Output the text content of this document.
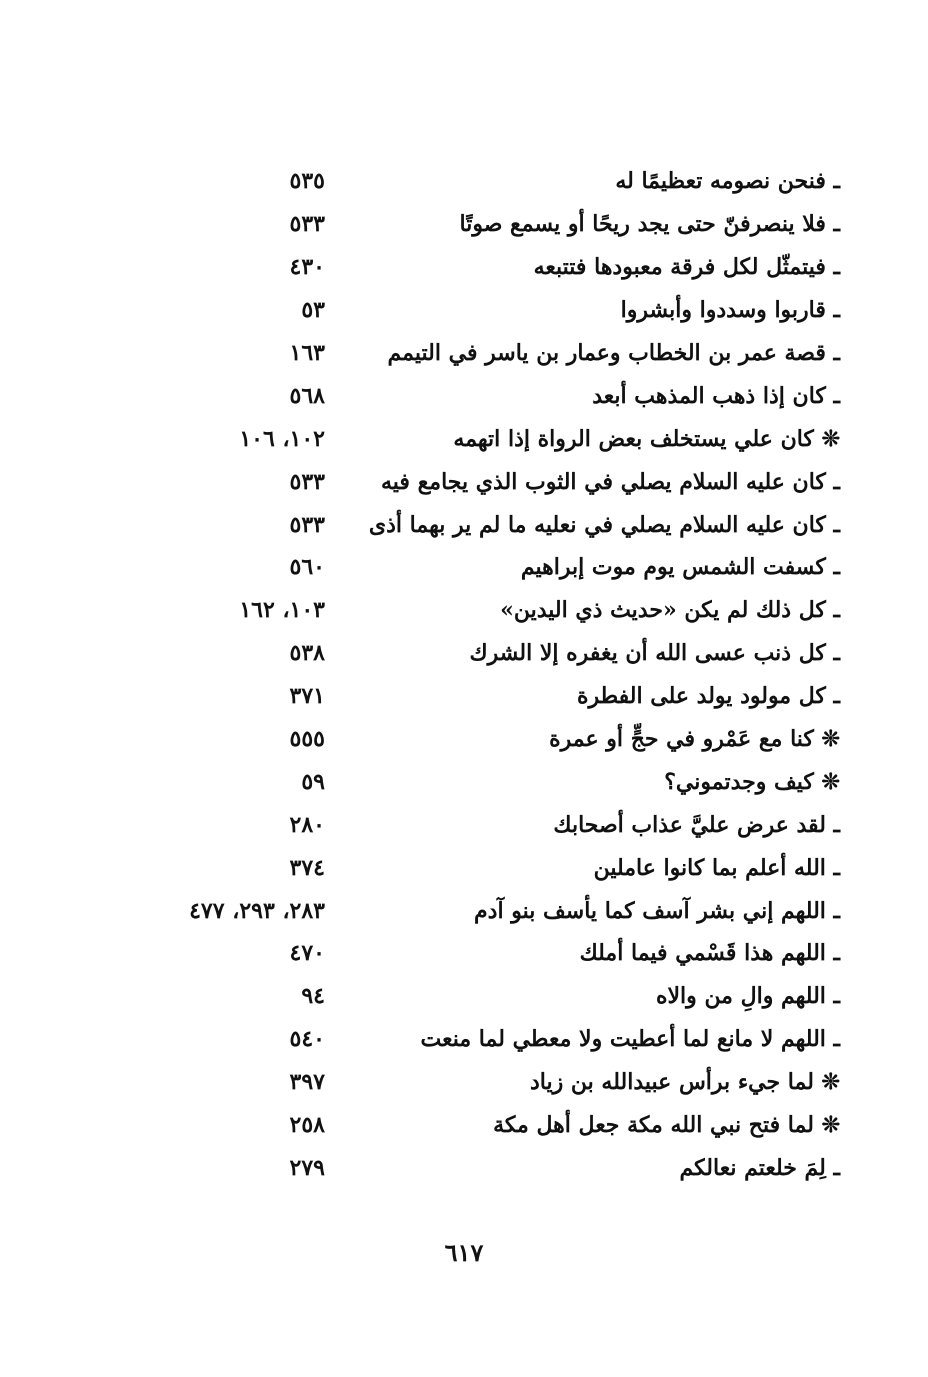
ـ فنحن نصومه تعظيمًا له
٥٣٥
ـ فلا ينصرفنّ حتى يجد ريحًا أو يسمع صوتًا
٥٣٣
ـ فيتمثّل لكل فرقة معبودها فتتبعه
٤٣٠
ـ قاربوا وسددوا وأبشروا
٥٣
ـ قصة عمر بن الخطاب وعمار بن ياسر في التيمم
١٦٣
ـ كان إذا ذهب المذهب أبعد
٥٦٨
❊ كان علي يستخلف بعض الرواة إذا اتهمه
١٠٢، ١٠٦
ـ كان عليه السلام يصلي في الثوب الذي يجامع فيه
٥٣٣
ـ كان عليه السلام يصلي في نعليه ما لم ير بهما أذى
٥٣٣
ـ كسفت الشمس يوم موت إبراهيم
٥٦٠
ـ كل ذلك لم يكن «حديث ذي اليدين»
١٠٣، ١٦٢
ـ كل ذنب عسى الله أن يغفره إلا الشرك
٥٣٨
ـ كل مولود يولد على الفطرة
٣٧١
❊ كنا مع عَمْرو في حجٍّ أو عمرة
٥٥٥
❊ كيف وجدتموني؟
٥٩
ـ لقد عرض عليَّ عذاب أصحابك
٢٨٠
ـ الله أعلم بما كانوا عاملين
٣٧٤
ـ اللهم إني بشر آسف كما يأسف بنو آدم
٢٨٣، ٢٩٣، ٤٧٧
ـ اللهم هذا قَسْمي فيما أملك
٤٧٠
ـ اللهم والِ من والاه
٩٤
ـ اللهم لا مانع لما أعطيت ولا معطي لما منعت
٥٤٠
❊ لما جيء برأس عبيدالله بن زياد
٣٩٧
❊ لما فتح نبي الله مكة جعل أهل مكة
٢٥٨
ـ لِمَ خلعتم نعالكم
٢٧٩
٦١٧
